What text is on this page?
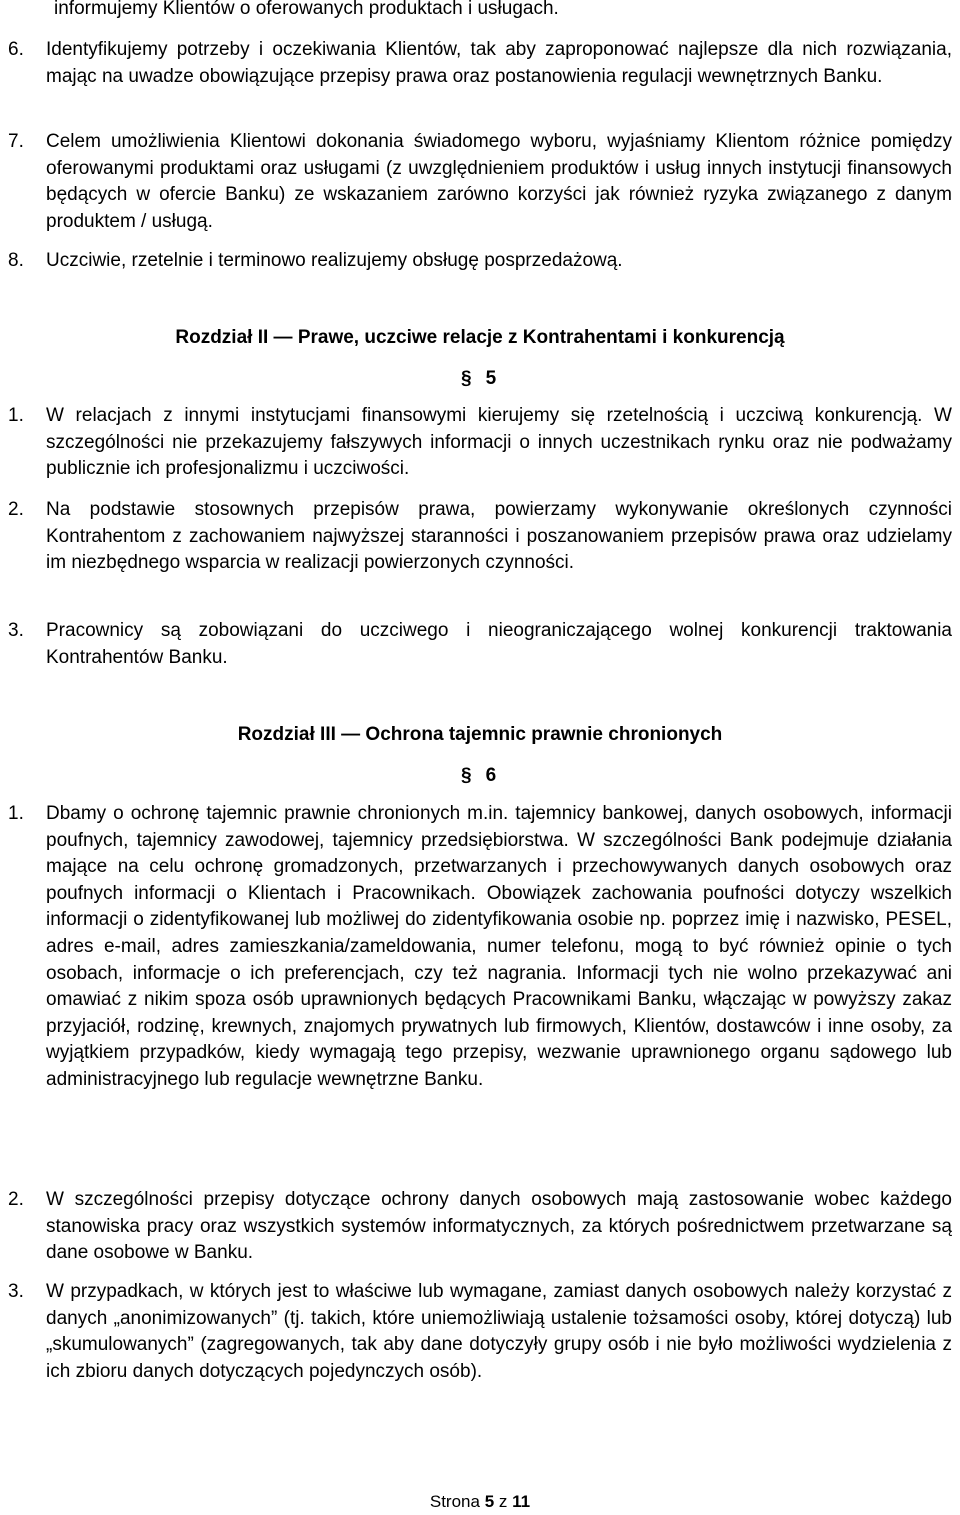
informujemy Klientów o oferowanych produktach i usługach.
6.	Identyfikujemy potrzeby i oczekiwania Klientów, tak aby zaproponować najlepsze dla nich rozwiązania, mając na uwadze obowiązujące przepisy prawa oraz postanowienia regulacji wewnętrznych Banku.
7.	Celem umożliwienia Klientowi dokonania świadomego wyboru, wyjaśniamy Klientom różnice pomiędzy oferowanymi produktami oraz usługami (z uwzględnieniem produktów i usług innych instytucji finansowych będących w ofercie Banku) ze wskazaniem zarówno korzyści jak również ryzyka związanego z danym produktem / usługą.
8.	Uczciwie, rzetelnie i terminowo realizujemy obsługę posprzedażową.
Rozdział II — Prawe, uczciwe relacje z Kontrahentami i konkurencją
§ 5
1.	W relacjach z innymi instytucjami finansowymi kierujemy się rzetelnością i uczciwą konkurencją. W szczególności nie przekazujemy fałszywych informacji o innych uczestnikach rynku oraz nie podważamy publicznie ich profesjonalizmu i uczciwości.
2.	Na podstawie stosownych przepisów prawa, powierzamy wykonywanie określonych czynności Kontrahentom z zachowaniem najwyższej staranności i poszanowaniem przepisów prawa oraz udzielamy im niezbędnego wsparcia w realizacji powierzonych czynności.
3.	Pracownicy są zobowiązani do uczciwego i nieograniczającego wolnej konkurencji traktowania Kontrahentów Banku.
Rozdział III — Ochrona tajemnic prawnie chronionych
§ 6
1.	Dbamy o ochronę tajemnic prawnie chronionych m.in. tajemnicy bankowej, danych osobowych, informacji poufnych, tajemnicy zawodowej, tajemnicy przedsiębiorstwa. W szczególności Bank podejmuje działania mające na celu ochronę gromadzonych, przetwarzanych i przechowywanych danych osobowych oraz poufnych informacji o Klientach i Pracownikach. Obowiązek zachowania poufności dotyczy wszelkich informacji o zidentyfikowanej lub możliwej do zidentyfikowania osobie np. poprzez imię i nazwisko, PESEL, adres e-mail, adres zamieszkania/zameldowania, numer telefonu, mogą to być również opinie o tych osobach, informacje o ich preferencjach, czy też nagrania. Informacji tych nie wolno przekazywać ani omawiać z nikim spoza osób uprawnionych będących Pracownikami Banku, włączając w powyższy zakaz przyjaciół, rodzinę, krewnych, znajomych prywatnych lub firmowych, Klientów, dostawców i inne osoby, za wyjątkiem przypadków, kiedy wymagają tego przepisy, wezwanie uprawnionego organu sądowego lub administracyjnego lub regulacje wewnętrzne Banku.
2.	W szczególności przepisy dotyczące ochrony danych osobowych mają zastosowanie wobec każdego stanowiska pracy oraz wszystkich systemów informatycznych, za których pośrednictwem przetwarzane są dane osobowe w Banku.
3.	W przypadkach, w których jest to właściwe lub wymagane, zamiast danych osobowych należy korzystać z danych „anonimizowanych” (tj. takich, które uniemożliwiają ustalenie tożsamości osoby, której dotyczą) lub „skumulowanych” (zagregowanych, tak aby dane dotyczyły grupy osób i nie było możliwości wydzielenia z ich zbioru danych dotyczących pojedynczych osób).
Strona 5 z 11
